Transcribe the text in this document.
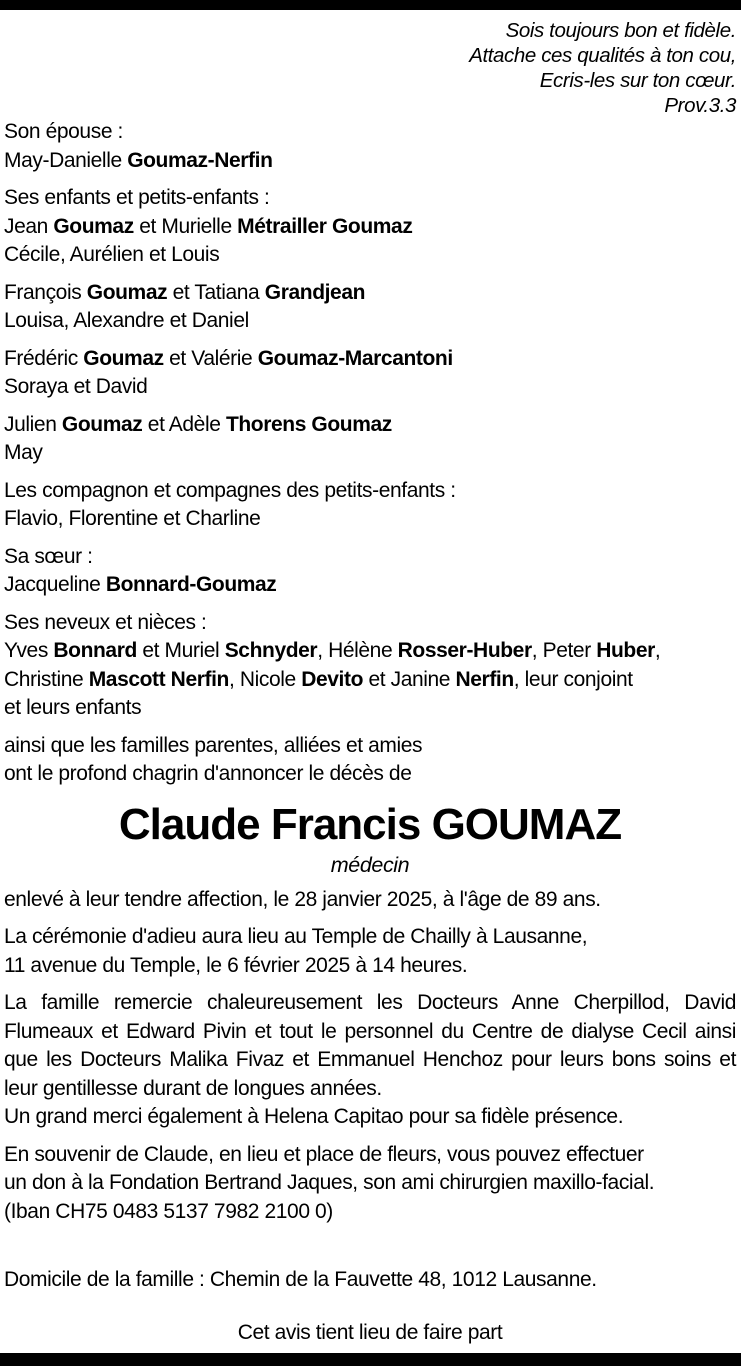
Sois toujours bon et fidèle.
Attache ces qualités à ton cou,
Ecris-les sur ton cœur.
Prov.3.3
Son épouse :
May-Danielle Goumaz-Nerfin
Ses enfants et petits-enfants :
Jean Goumaz et Murielle Métrailler Goumaz
Cécile, Aurélien et Louis
François Goumaz et Tatiana Grandjean
Louisa, Alexandre et Daniel
Frédéric Goumaz et Valérie Goumaz-Marcantoni
Soraya et David
Julien Goumaz et Adèle Thorens Goumaz
May
Les compagnon et compagnes des petits-enfants :
Flavio, Florentine et Charline
Sa sœur :
Jacqueline Bonnard-Goumaz
Ses neveux et nièces :
Yves Bonnard et Muriel Schnyder, Hélène Rosser-Huber, Peter Huber,
Christine Mascott Nerfin, Nicole Devito et Janine Nerfin, leur conjoint
et leurs enfants
ainsi que les familles parentes, alliées et amies
ont le profond chagrin d'annoncer le décès de
Claude Francis GOUMAZ
médecin

enlevé à leur tendre affection, le 28 janvier 2025, à l'âge de 89 ans.

La cérémonie d'adieu aura lieu au Temple de Chailly à Lausanne,
11 avenue du Temple, le 6 février 2025 à 14 heures.
La famille remercie chaleureusement les Docteurs Anne Cherpillod, David Flumeaux et Edward Pivin et tout le personnel du Centre de dialyse Cecil ainsi que les Docteurs Malika Fivaz et Emmanuel Henchoz pour leurs bons soins et leur gentillesse durant de longues années.
Un grand merci également à Helena Capitao pour sa fidèle présence.
En souvenir de Claude, en lieu et place de fleurs, vous pouvez effectuer
un don à la Fondation Bertrand Jaques, son ami chirurgien maxillo-facial.
(Iban CH75 0483 5137 7982 2100 0)
Domicile de la famille : Chemin de la Fauvette 48, 1012 Lausanne.
Cet avis tient lieu de faire part
